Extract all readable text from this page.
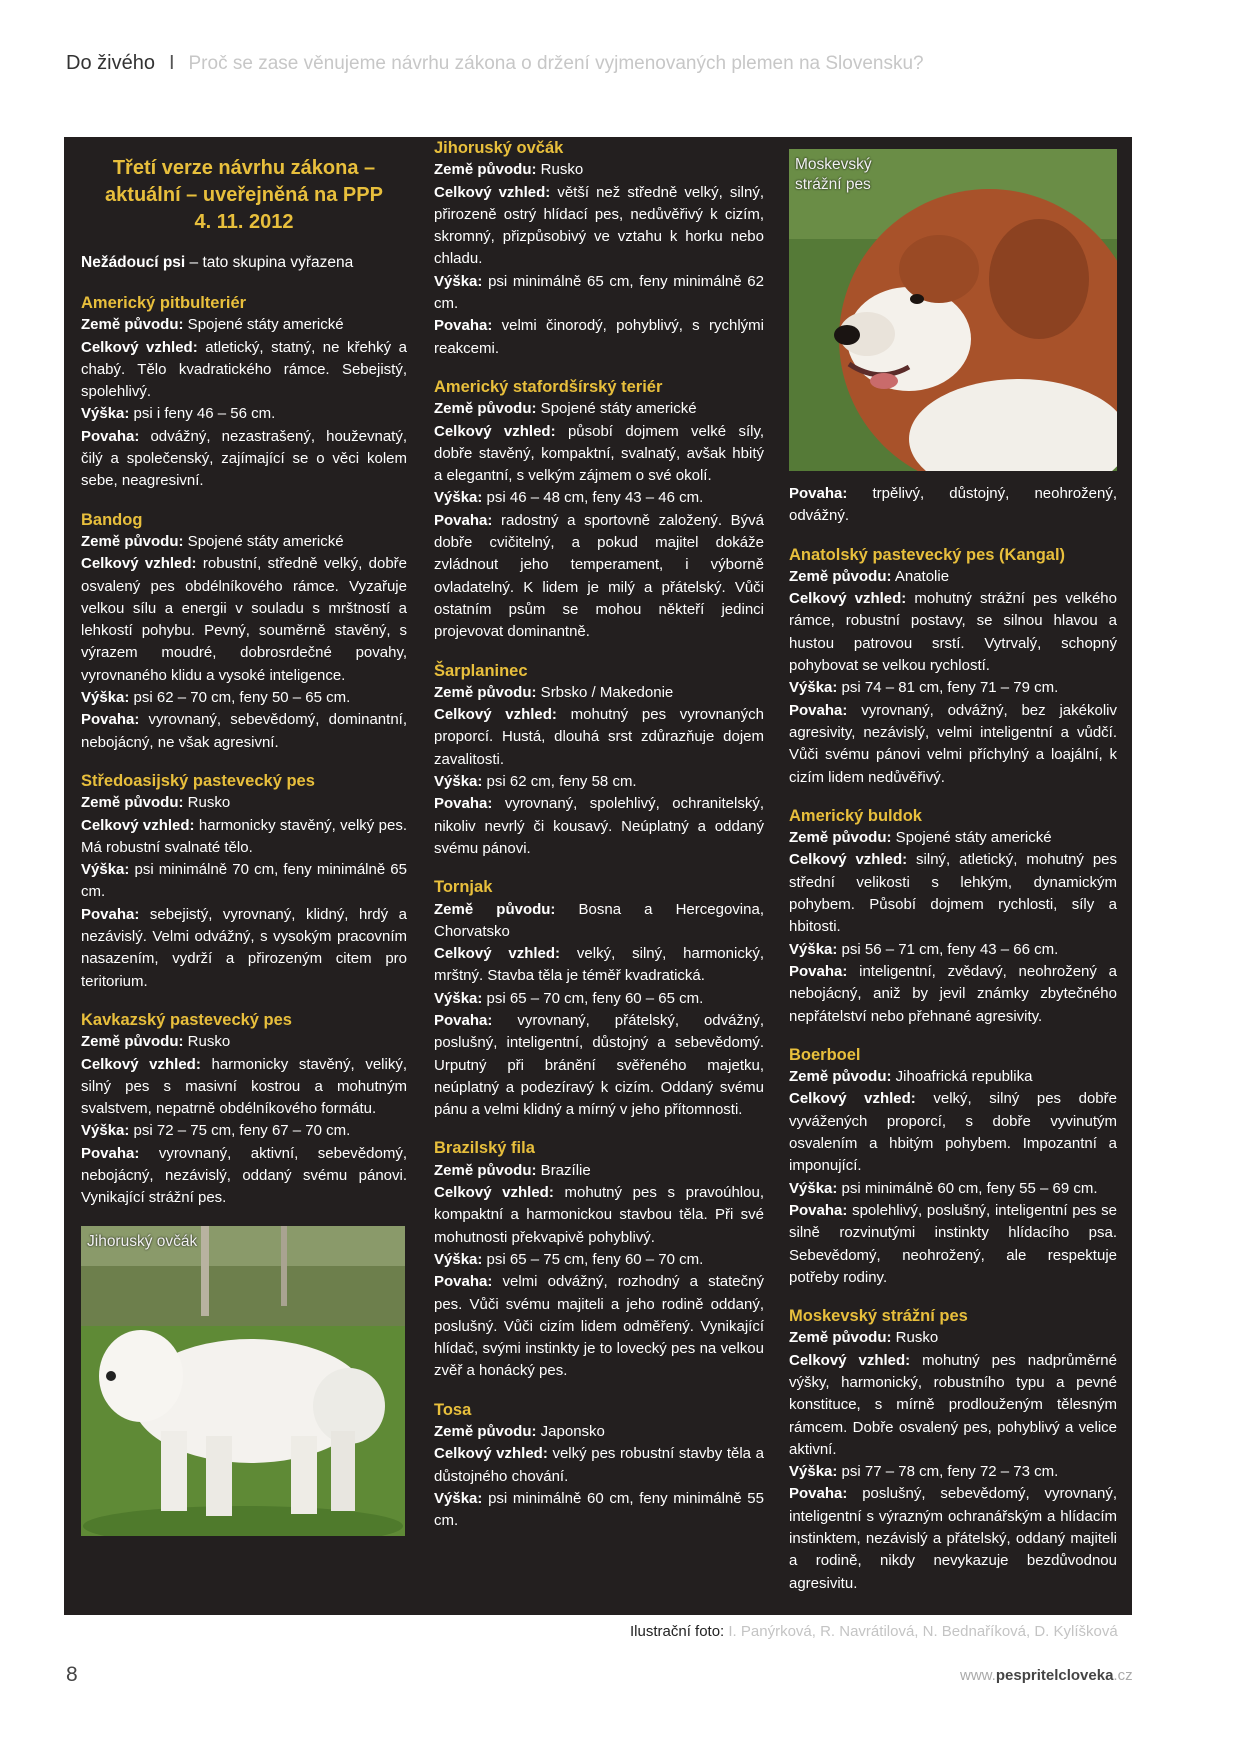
Do živého I Proč se zase věnujeme návrhu zákona o držení vyjmenovaných plemen na Slovensku?
Třetí verze návrhu zákona –
aktuální – uveřejněná na PPP
4. 11. 2012
Nežádoucí psi – tato skupina vyřazena

Americký pitbulteriér

Země původu: Spojené státy americké

Celkový vzhled: atletický, statný, ne křehký a chabý. Tělo kvadratického rámce. Sebejistý, spolehlivý.

Výška: psi i feny 46 – 56 cm.

Povaha: odvážný, nezastrašený, houževnatý, čilý a společenský, zajímající se o věci kolem sebe, neagresivní.

Bandog

Země původu: Spojené státy americké

Celkový vzhled: robustní, středně velký, dobře osvalený pes obdélníkového rámce. Vyzařuje velkou sílu a energii v souladu s mrštností a lehkostí pohybu. Pevný, souměrně stavěný, s výrazem moudré, dobrosrdečné povahy, vyrovnaného klidu a vysoké inteligence.

Výška: psi 62 – 70 cm, feny 50 – 65 cm.

Povaha: vyrovnaný, sebevědomý, dominantní, nebojácný, ne však agresivní.

Středoasijský pastevecký pes

Země původu: Rusko

Celkový vzhled: harmonicky stavěný, velký pes. Má robustní svalnaté tělo.

Výška: psi minimálně 70 cm, feny minimálně 65 cm.

Povaha: sebejistý, vyrovnaný, klidný, hrdý a nezávislý. Velmi odvážný, s vysokým pracovním nasazením, vydrží a přirozeným citem pro teritorium.

Kavkazský pastevecký pes

Země původu: Rusko

Celkový vzhled: harmonicky stavěný, veliký, silný pes s masivní kostrou a mohutným svalstvem, nepatrně obdélníkového formátu.

Výška: psi 72 – 75 cm, feny 67 – 70 cm.

Povaha: vyrovnaný, aktivní, sebevědomý, nebojácný, nezávislý, oddaný svému pánovi. Vynikající strážní pes.

Jihoruský ovčák

Jihoruský ovčák

Země původu: Rusko

Celkový vzhled: větší než středně velký, silný, přirozeně ostrý hlídací pes, nedůvěřivý k cizím, skromný, přizpůsobivý ve vztahu k horku nebo chladu.

Výška: psi minimálně 65 cm, feny minimálně 62 cm.

Povaha: velmi činorodý, pohyblivý, s rychlými reakcemi.

Americký stafordšírský teriér

Země původu: Spojené státy americké

Celkový vzhled: působí dojmem velké síly, dobře stavěný, kompaktní, svalnatý, avšak hbitý a elegantní, s velkým zájmem o své okolí.

Výška: psi 46 – 48 cm, feny 43 – 46 cm.

Povaha: radostný a sportovně založený. Bývá dobře cvičitelný, a pokud majitel dokáže zvládnout jeho temperament, i výborně ovladatelný. K lidem je milý a přátelský. Vůči ostatním psům se mohou někteří jedinci projevovat dominantně.

Šarplaninec

Země původu: Srbsko / Makedonie

Celkový vzhled: mohutný pes vyrovnaných proporcí. Hustá, dlouhá srst zdůrazňuje dojem zavalitosti.

Výška: psi 62 cm, feny 58 cm.

Povaha: vyrovnaný, spolehlivý, ochranitelský, nikoliv nevrlý či kousavý. Neúplatný a oddaný svému pánovi.

Tornjak

Země původu: Bosna a Hercegovina, Chorvatsko

Celkový vzhled: velký, silný, harmonický, mrštný. Stavba těla je téměř kvadratická.

Výška: psi 65 – 70 cm, feny 60 – 65 cm.

Povaha: vyrovnaný, přátelský, odvážný, poslušný, inteligentní, důstojný a sebevědomý. Urputný při bránění svěřeného majetku, neúplatný a podezíravý k cizím. Oddaný svému pánu a velmi klidný a mírný v jeho přítomnosti.

Brazilský fila

Země původu: Brazílie

Celkový vzhled: mohutný pes s pravoúhlou, kompaktní a harmonickou stavbou těla. Při své mohutnosti překvapivě pohyblivý.

Výška: psi 65 – 75 cm, feny 60 – 70 cm.

Povaha: velmi odvážný, rozhodný a statečný pes. Vůči svému majiteli a jeho rodině oddaný, poslušný. Vůči cizím lidem odměřený. Vynikající hlídač, svými instinkty je to lovecký pes na velkou zvěř a honácký pes.

Tosa

Země původu: Japonsko

Celkový vzhled: velký pes robustní stavby těla a důstojného chování.

Výška: psi minimálně 60 cm, feny minimálně 55 cm.

Moskevský
strážní pes

Povaha: trpělivý, důstojný, neohrožený, odvážný.

Anatolský pastevecký pes (Kangal)

Země původu: Anatolie

Celkový vzhled: mohutný strážní pes velkého rámce, robustní postavy, se silnou hlavou a hustou patrovou srstí. Vytrvalý, schopný pohybovat se velkou rychlostí.

Výška: psi 74 – 81 cm, feny 71 – 79 cm.

Povaha: vyrovnaný, odvážný, bez jakékoliv agresivity, nezávislý, velmi inteligentní a vůdčí. Vůči svému pánovi velmi příchylný a loajální, k cizím lidem nedůvěřivý.

Americký buldok

Země původu: Spojené státy americké

Celkový vzhled: silný, atletický, mohutný pes střední velikosti s lehkým, dynamickým pohybem. Působí dojmem rychlosti, síly a hbitosti.

Výška: psi 56 – 71 cm, feny 43 – 66 cm.

Povaha: inteligentní, zvědavý, neohrožený a nebojácný, aniž by jevil známky zbytečného nepřátelství nebo přehnané agresivity.

Boerboel

Země původu: Jihoafrická republika

Celkový vzhled: velký, silný pes dobře vyvážených proporcí, s dobře vyvinutým osvalením a hbitým pohybem. Impozantní a imponující.

Výška: psi minimálně 60 cm, feny 55 – 69 cm.

Povaha: spolehlivý, poslušný, inteligentní pes se silně rozvinutými instinkty hlídacího psa. Sebevědomý, neohrožený, ale respektuje potřeby rodiny.

Moskevský strážní pes

Země původu: Rusko

Celkový vzhled: mohutný pes nadprůměrné výšky, harmonický, robustního typu a pevné konstituce, s mírně prodlouženým tělesným rámcem. Dobře osvalený pes, pohyblivý a velice aktivní.

Výška: psi 77 – 78 cm, feny 72 – 73 cm.

Povaha: poslušný, sebevědomý, vyrovnaný, inteligentní s výrazným ochranářským a hlídacím instinktem, nezávislý a přátelský, oddaný majiteli a rodině, nikdy nevykazuje bezdůvodnou agresivitu.

Ilustrační foto: I. Panýrková, R. Navrátilová, N. Bednaříková, D. Kylíšková
8	www.pespritelcloveka.cz
